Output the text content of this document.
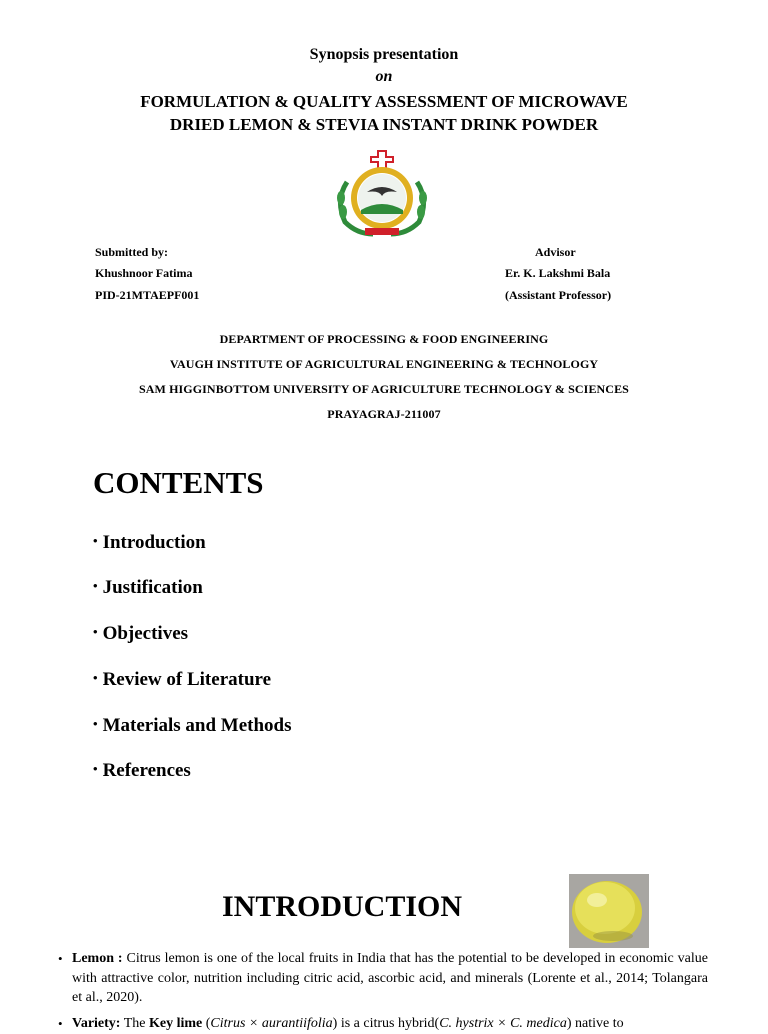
Synopsis presentation
on
FORMULATION & QUALITY ASSESSMENT OF MICROWAVE
DRIED LEMON & STEVIA INSTANT DRINK POWDER
Submitted by:
Khushnoor Fatima
PID-21MTAEPF001
Advisor
Er. K. Lakshmi Bala
(Assistant Professor)
DEPARTMENT OF PROCESSING & FOOD ENGINEERING
VAUGH INSTITUTE OF AGRICULTURAL ENGINEERING & TECHNOLOGY
SAM HIGGINBOTTOM UNIVERSITY OF AGRICULTURE TECHNOLOGY & SCIENCES
PRAYAGRAJ-211007
CONTENTS
• Introduction
• Justification
• Objectives
• Review of Literature
• Materials and Methods
• References
INTRODUCTION
• Lemon : Citrus lemon is one of the local fruits in India that has the potential to be developed in economic value with attractive color, nutrition including citric acid, ascorbic acid, and minerals (Lorente et al., 2014; Tolangara et al., 2020).
• Variety: The Key lime (Citrus × aurantiifolia) is a citrus hybrid(C. hystrix × C. medica) native to
